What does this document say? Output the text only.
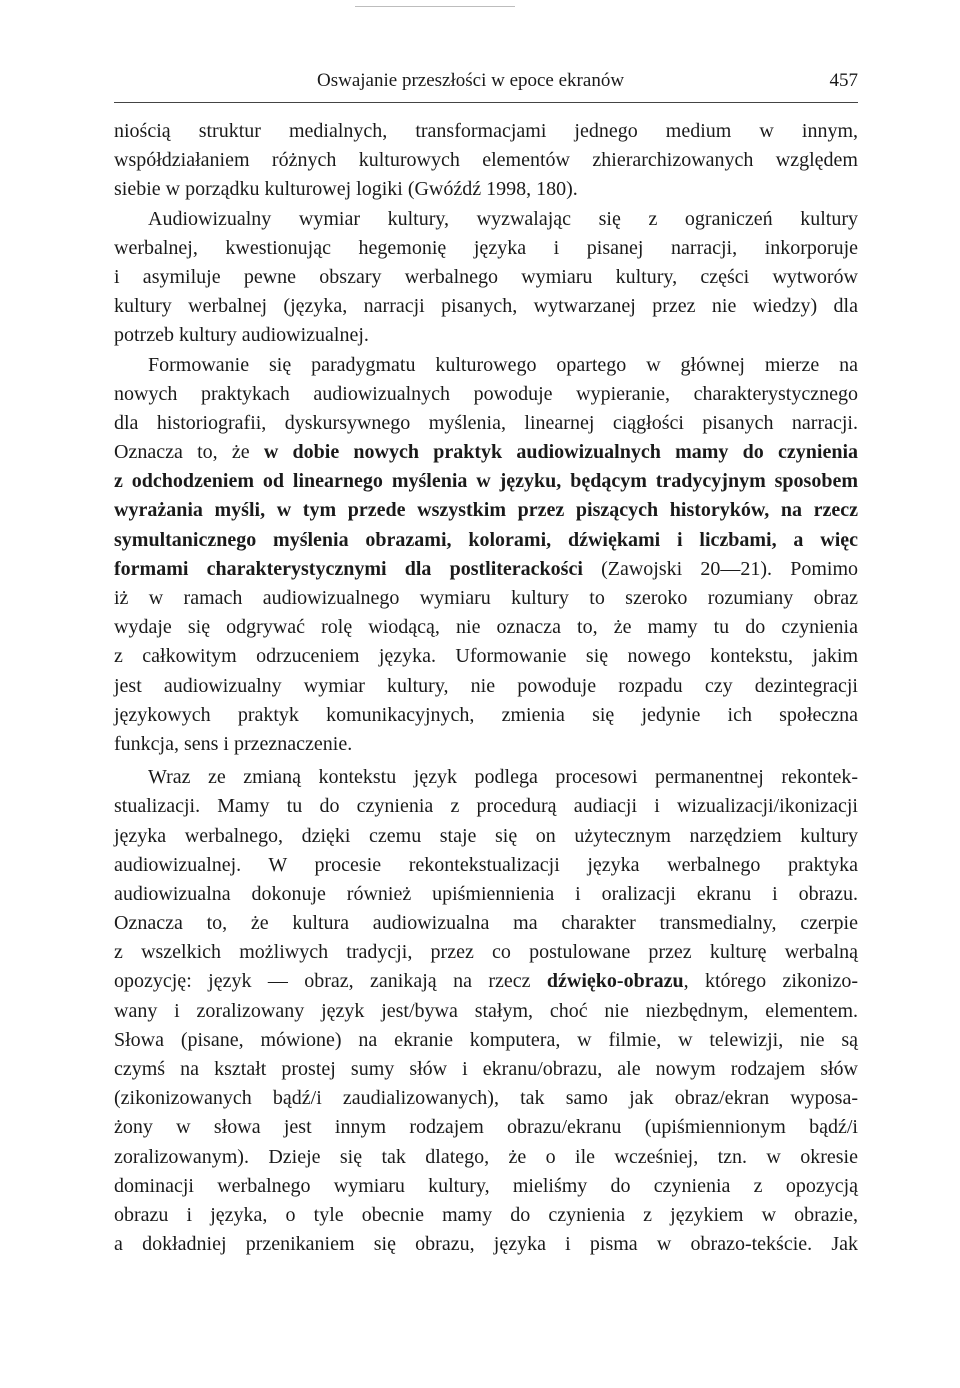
Oswajanie przeszłości w epoce ekranów	457
niością struktur medialnych, transformacjami jednego medium w innym,
współdziałaniem różnych kulturowych elementów zhierarchizowanych względem
siebie w porządku kulturowej logiki (Gwóźdź 1998, 180).
Audiowizualny wymiar kultury, wyzwalając się z ograniczeń kultury
werbalnej, kwestionując hegemonię języka i pisanej narracji, inkorporuje
i asymiluje pewne obszary werbalnego wymiaru kultury, części wytworów
kultury werbalnej (języka, narracji pisanych, wytwarzanej przez nie wiedzy) dla
potrzeb kultury audiowizualnej.
Formowanie się paradygmatu kulturowego opartego w głównej mierze na
nowych praktykach audiowizualnych powoduje wypieranie, charakterystycznego
dla historiografii, dyskursywnego myślenia, linearnej ciągłości pisanych narracji.
Oznacza to, że w dobie nowych praktyk audiowizualnych mamy do czynienia
z odchodzeniem od linearnego myślenia w języku, będącym tradycyjnym sposobem
wyrażania myśli, w tym przede wszystkim przez piszących historyków, na rzecz
symultanicznego myślenia obrazami, kolorami, dźwiękami i liczbami, a więc
formami charakterystycznymi dla postliterackości (Zawojski 20—21). Pomimo
iż w ramach audiowizualnego wymiaru kultury to szeroko rozumiany obraz
wydaje się odgrywać rolę wiodącą, nie oznacza to, że mamy tu do czynienia
z całkowitym odrzuceniem języka. Uformowanie się nowego kontekstu, jakim
jest audiowizualny wymiar kultury, nie powoduje rozpadu czy dezintegracji
językowych praktyk komunikacyjnych, zmienia się jedynie ich społeczna
funkcja, sens i przeznaczenie.
Wraz ze zmianą kontekstu język podlega procesowi permanentnej rekontek-
stualizacji. Mamy tu do czynienia z procedurą audiacji i wizualizacji/ikonizacji
języka werbalnego, dzięki czemu staje się on użytecznym narzędziem kultury
audiowizualnej. W procesie rekontekstualizacji języka werbalnego praktyka
audiowizualna dokonuje również upiśmiennienia i oralizacji ekranu i obrazu.
Oznacza to, że kultura audiowizualna ma charakter transmedialny, czerpie
z wszelkich możliwych tradycji, przez co postulowane przez kulturę werbalną
opozycję: język — obraz, zanikają na rzecz dźwięko-obrazu, którego zikonizo-
wany i zoralizowany język jest/bywa stałym, choć nie niezbędnym, elementem.
Słowa (pisane, mówione) na ekranie komputera, w filmie, w telewizji, nie są
czymś na kształt prostej sumy słów i ekranu/obrazu, ale nowym rodzajem słów
(zikonizowanych bądź/i zaudializowanych), tak samo jak obraz/ekran wyposa-
żony w słowa jest innym rodzajem obrazu/ekranu (upiśmiennionym bądź/i
zoralizowanym). Dzieje się tak dlatego, że o ile wcześniej, tzn. w okresie
dominacji werbalnego wymiaru kultury, mieliśmy do czynienia z opozycją
obrazu i języka, o tyle obecnie mamy do czynienia z językiem w obrazie,
a dokładniej przenikaniem się obrazu, języka i pisma w obrazo-tekście. Jak
